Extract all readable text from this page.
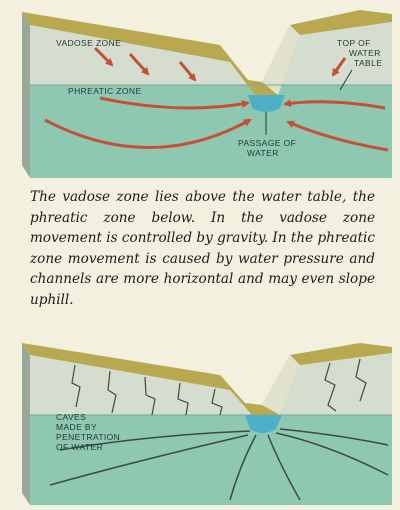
VADOSE ZONE
PHREATIC ZONE
TOP OF
WATER
TABLE
PASSAGE OF
WATER
The vadose zone lies above the water table, the phreatic zone below. In the vadose zone movement is controlled by gravity. In the phreatic zone movement is caused by water pressure and channels are more horizontal and may even slope uphill.
CAVES
MADE BY
PENETRATION
OF WATER
